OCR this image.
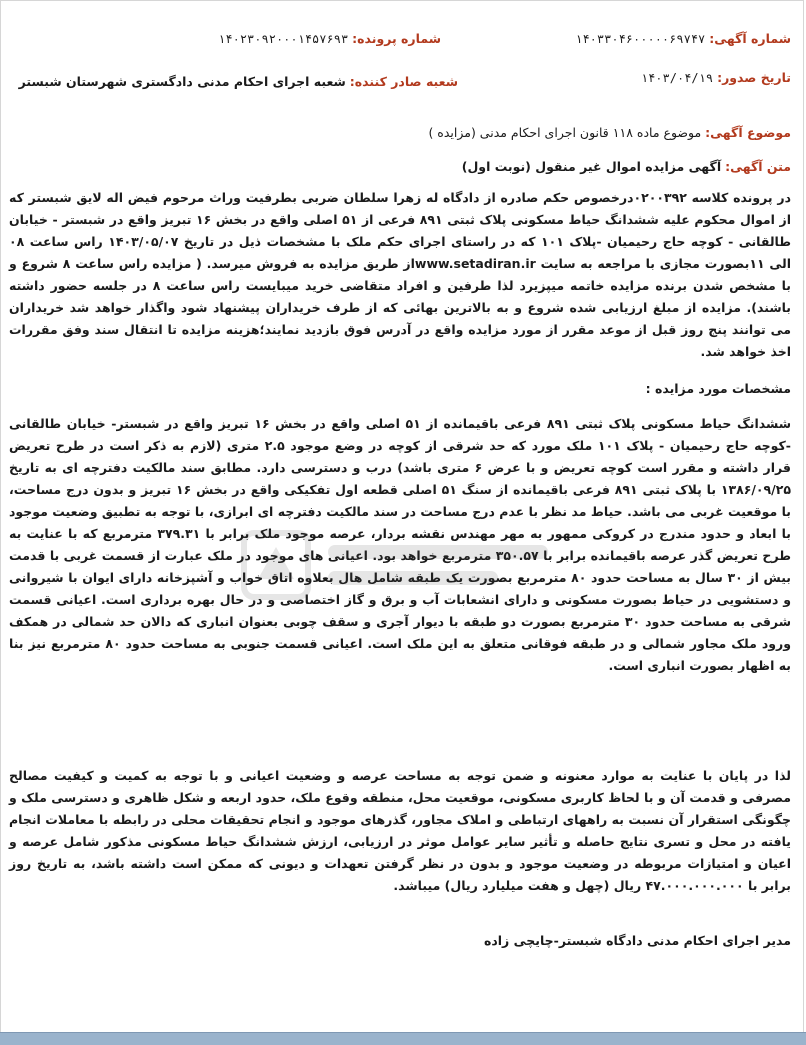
شماره آگهی: ۱۴۰۳۳۰۴۶۰۰۰۰۰۶۹۷۴۷
شماره پرونده: ۱۴۰۲۳۰۹۲۰۰۰۱۴۵۷۶۹۳
تاریخ صدور: ۱۴۰۳/۰۴/۱۹
شعبه صادر کننده: شعبه اجرای احکام مدنی دادگستری شهرستان شبستر
موضوع آگهی: موضوع ماده ۱۱۸ قانون اجرای احکام مدنی (مزایده )
متن آگهی: آگهی مزایده اموال غیر منقول (نوبت اول)

در پرونده کلاسه ۰۲۰۰۳۹۲درخصوص حکم صادره از دادگاه له زهرا سلطان ضربی بطرفیت وراث مرحوم فیض اله لایق شبستر که از اموال محکوم علیه ششدانگ حیاط مسکونی پلاک ثبتی ۸۹۱ فرعی از ۵۱ اصلی واقع در بخش ۱۶ تبریز واقع در شبستر - خیابان طالقانی - کوچه حاج رحیمیان -پلاک ۱۰۱ که در راستای اجرای حکم ملک با مشخصات ذیل در تاریخ ۱۴۰۳/۰۵/۰۷ راس ساعت ۰۸ الی ۱۱بصورت مجازی با مراجعه به سایت www.setadiran.irاز طریق مزایده به فروش میرسد. ( مزایده راس ساعت ۸ شروع و با مشخص شدن برنده مزایده خاتمه میپزیرد لذا طرفین و افراد متقاضی خرید میبایست راس ساعت ۸ در جلسه حضور داشته باشند). مزایده از مبلغ ارزیابی شده شروع و به بالاترین بهائی که از طرف خریداران پیشنهاد شود واگذار خواهد شد خریداران می توانند پنج روز قبل از موعد مقرر از مورد مزایده واقع در آدرس فوق بازدید نمایند؛هزینه مزایده تا انتقال سند وفق مقررات اخذ خواهد شد.

مشخصات مورد مزایده :

ششدانگ حیاط مسکونی پلاک ثبتی ۸۹۱ فرعی باقیمانده از ۵۱ اصلی واقع در بخش ۱۶ تبریز واقع در شبستر- خیابان طالقانی -کوچه حاج رحیمیان - پلاک ۱۰۱ ملک مورد که حد شرقی از کوچه در وضع موجود ۲.۵ متری (لازم به ذکر است در طرح تعریض قرار داشته و مقرر است کوچه تعریض و با عرض ۶ متری باشد) درب و دسترسی دارد. مطابق سند مالکیت دفترچه ای به تاریخ ۱۳۸۶/۰۹/۲۵ با پلاک ثبتی ۸۹۱ فرعی باقیمانده از سنگ ۵۱ اصلی قطعه اول تفکیکی واقع در بخش ۱۶ تبریز و بدون درج مساحت، با موقعیت غربی می باشد. حیاط مد نظر با عدم درج مساحت در سند مالکیت دفترچه ای ابرازی، با توجه به تطبیق وضعیت موجود با ابعاد و حدود مندرج در کروکی ممهور به مهر مهندس نقشه بردار، عرصه موجود ملک برابر با ۳۷۹.۳۱ مترمربع که با عنایت به طرح تعریض گذر عرصه باقیمانده برابر با ۳۵۰.۵۷ مترمربع خواهد بود. اعیانی های موجود در ملک عبارت از قسمت غربی با قدمت بیش از ۳۰ سال به مساحت حدود ۸۰ مترمربع بصورت یک طبقه شامل هال بعلاوه اتاق خواب و آشپزخانه دارای ایوان با شیروانی و دستشویی در حیاط بصورت مسکونی و دارای انشعابات آب و برق و گاز اختصاصی و در حال بهره برداری است. اعیانی قسمت شرقی به مساحت حدود ۳۰ مترمربع بصورت دو طبقه با دیوار آجری و سقف چوبی بعنوان انباری که دالان حد شمالی در همکف ورود ملک مجاور شمالی و در طبقه فوقانی متعلق به این ملک است. اعیانی قسمت جنوبی به مساحت حدود ۸۰ مترمربع نیز بنا به اظهار بصورت انباری است.

لذا در پایان با عنایت به موارد معنونه و ضمن توجه به مساحت عرصه و وضعیت اعیانی و با توجه به کمیت و کیفیت مصالح مصرفی و قدمت آن و با لحاظ کاربری مسکونی، موقعیت محل، منطقه وقوع ملک، حدود اربعه و شکل ظاهری و دسترسی ملک و چگونگی استقرار آن نسبت به راههای ارتباطی و املاک مجاور، گذرهای موجود و انجام تحقیقات محلی در رابطه با معاملات انجام یافته در محل و تسری نتایج حاصله و تأثیر سایر عوامل موثر در ارزیابی، ارزش ششدانگ حیاط مسکونی مذکور شامل عرصه و اعیان و امتیازات مربوطه در وضعیت موجود و بدون در نظر گرفتن تعهدات و دیونی که ممکن است داشته باشد، به تاریخ روز برابر با ۴۷.۰۰۰.۰۰۰.۰۰۰ ریال (چهل و هفت میلیارد ریال) میباشد.

مدیر اجرای احکام مدنی دادگاه شبستر-چایچی زاده
